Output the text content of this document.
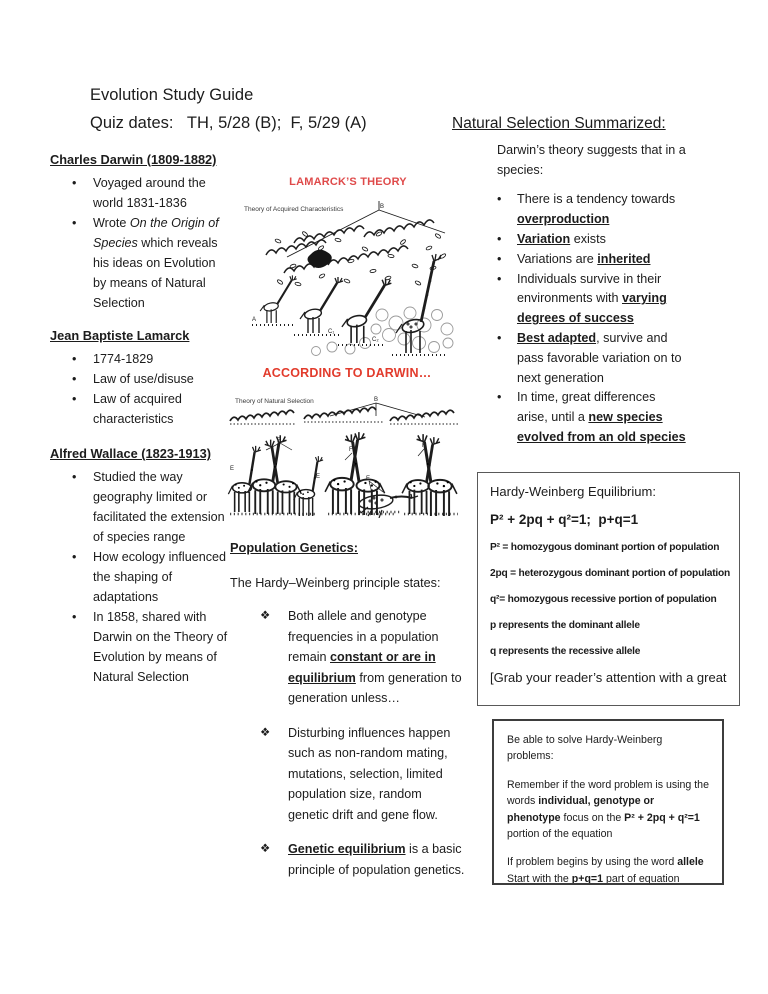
Evolution Study Guide
Quiz dates:   TH, 5/28 (B);  F, 5/29 (A)
Charles Darwin (1809-1882)
• Voyaged around the world 1831-1836
• Wrote On the Origin of Species which reveals his ideas on Evolution by means of Natural Selection
Jean Baptiste Lamarck
• 1774-1829
• Law of use/disuse
• Law of acquired characteristics
Alfred Wallace (1823-1913)
• Studied the way geography limited or facilitated the extension of species range
• How ecology influenced the shaping of adaptations
• In 1858, shared with Darwin on the Theory of Evolution by means of Natural Selection
LAMARCK’S THEORY
Theory of Acquired Characteristics
A
B
C₁
C₂
ACCORDING TO DARWIN…
Theory of Natural Selection	B
E
F
E
F
E
F
Population Genetics:

The Hardy–Weinberg principle states:

❖ Both allele and genotype frequencies in a population remain constant or are in equilibrium from generation to generation unless…
❖ Disturbing influences happen such as non-random mating, mutations, selection, limited population size, random genetic drift and gene flow.
❖ Genetic equilibrium is a basic principle of population genetics.
Natural Selection Summarized:

Darwin’s theory suggests that in a species:

• There is a tendency towards overproduction
• Variation exists
• Variations are inherited
• Individuals survive in their environments with varying degrees of success
• Best adapted, survive and pass favorable variation on to next generation
• In time, great differences arise, until a new species evolved from an old species
Hardy-Weinberg Equilibrium:
P² + 2pq + q²=1;  p+q=1
P² = homozygous dominant portion of population
2pq = heterozygous dominant portion of population
q²= homozygous recessive portion of population
p represents the dominant allele
q represents the recessive allele
[Grab your reader’s attention with a great
Be able to solve Hardy-Weinberg problems:
Remember if the word problem is using the words individual, genotype or phenotype focus on the P² + 2pq + q²=1 portion of the equation
If problem begins by using the word allele Start with the p+q=1 part of equation
